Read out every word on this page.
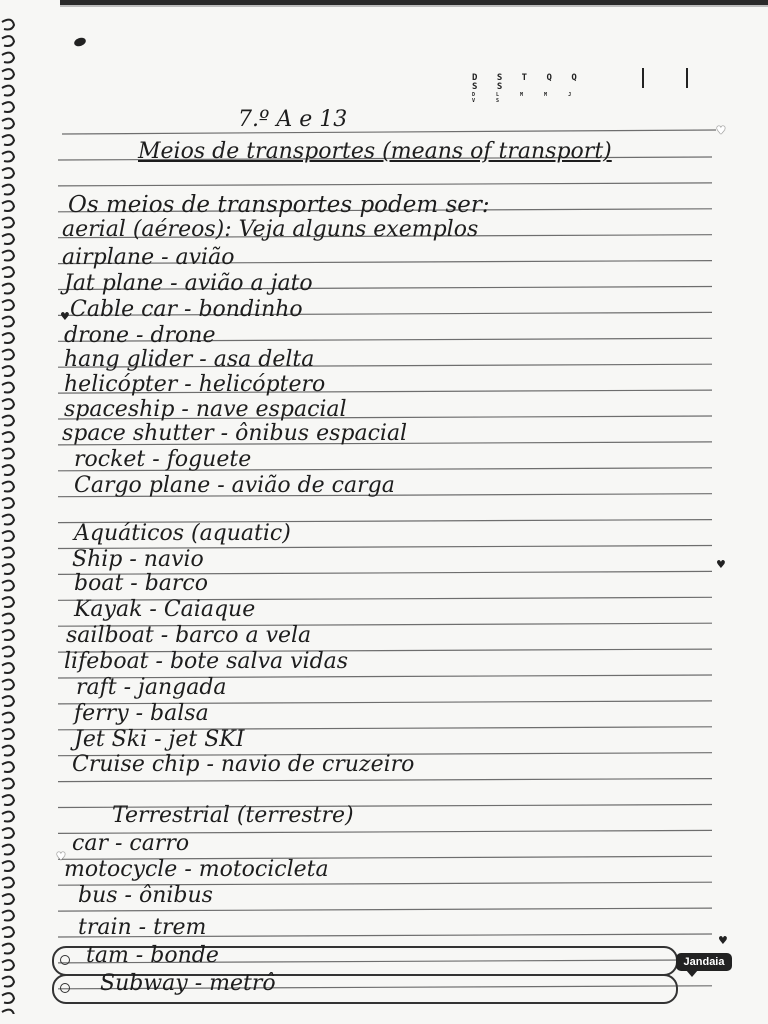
D S T Q Q S S
D L M M J V S
7.º A e 13
Meios de transportes (means of transport)
Os meios de transportes podem ser:
aerial (aéreos): Veja alguns exemplos
airplane - avião
Jat plane - avião a jato
Cable car - bondinho
drone - drone
hang glider - asa delta
helicópter - helicóptero
spaceship - nave espacial
space shutter - ônibus espacial
rocket - foguete
Cargo plane - avião de carga
Aquáticos (aquatic)
Ship - navio
boat - barco
Kayak - Caiaque
sailboat - barco a vela
lifeboat - bote salva vidas
raft - jangada
ferry - balsa
Jet Ski - jet SKI
Cruise chip - navio de cruzeiro
Terrestrial (terrestre)
car - carro
motocycle - motocicleta
bus - ônibus
train - trem
tam - bonde
Subway - metrô
Jandaia
♥
♥
♥
♥
♥
